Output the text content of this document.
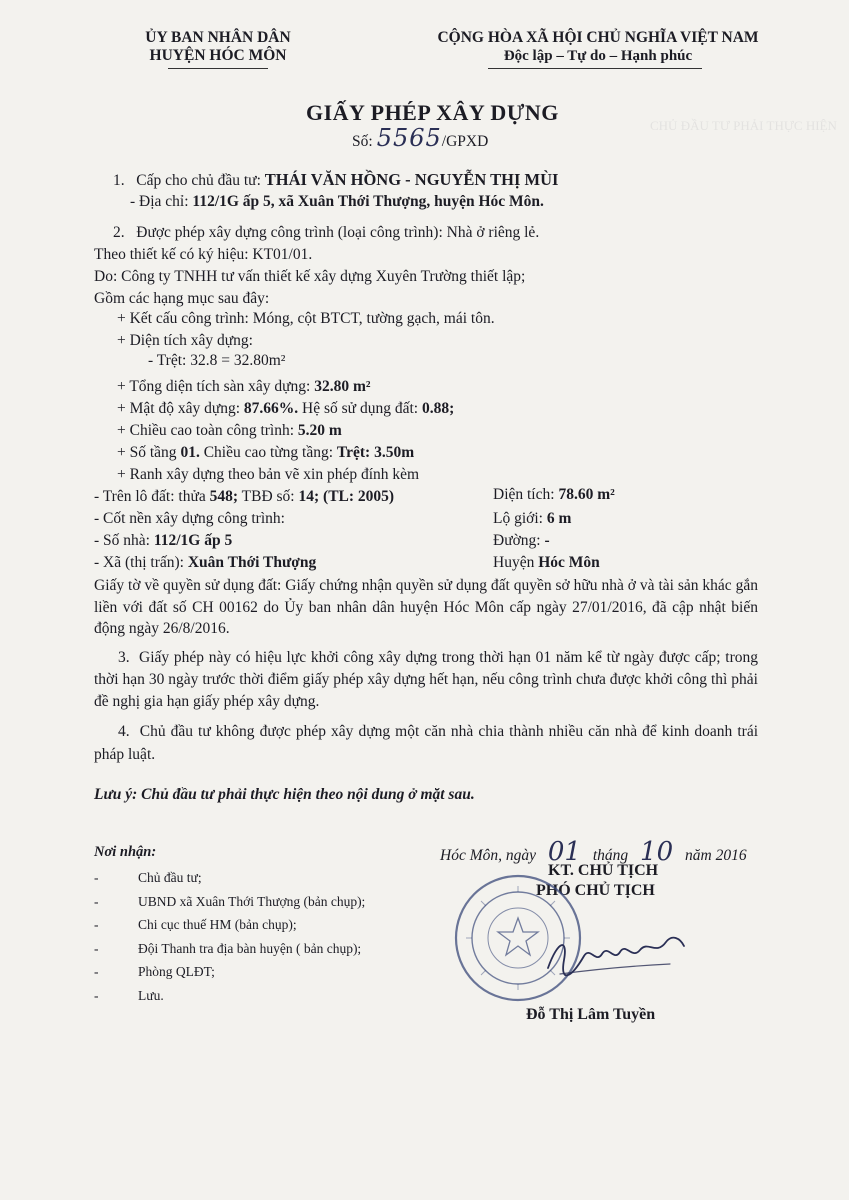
CHỦ ĐẦU TƯ PHẢI THỰC HIỆN
ỦY BAN NHÂN DÂN
HUYỆN HÓC MÔN
CỘNG HÒA XÃ HỘI CHỦ NGHĨA VIỆT NAM
Độc lập – Tự do – Hạnh phúc
GIẤY PHÉP XÂY DỰNG
Số: 5565/GPXD
1. Cấp cho chủ đầu tư: THÁI VĂN HỒNG - NGUYỄN THỊ MÙI
- Địa chỉ: 112/1G ấp 5, xã Xuân Thới Thượng, huyện Hóc Môn.
2. Được phép xây dựng công trình (loại công trình): Nhà ở riêng lẻ.
Theo thiết kế có ký hiệu: KT01/01.
Do: Công ty TNHH tư vấn thiết kế xây dựng Xuyên Trường thiết lập;
Gồm các hạng mục sau đây:
+ Kết cấu công trình: Móng, cột BTCT, tường gạch, mái tôn.
+ Diện tích xây dựng:
- Trệt: 32.8 = 32.80m²
+ Tổng diện tích sàn xây dựng: 32.80 m²
+ Mật độ xây dựng: 87.66%. Hệ số sử dụng đất: 0.88;
+ Chiều cao toàn công trình: 5.20 m
+ Số tầng 01. Chiều cao từng tầng: Trệt: 3.50m
+ Ranh xây dựng theo bản vẽ xin phép đính kèm
- Trên lô đất: thửa 548; TBĐ số: 14; (TL: 2005)	Diện tích: 78.60 m²
- Cốt nền xây dựng công trình:	Lộ giới: 6 m
- Số nhà: 112/1G ấp 5	Đường: -
- Xã (thị trấn): Xuân Thới Thượng	Huyện Hóc Môn
Giấy tờ về quyền sử dụng đất: Giấy chứng nhận quyền sử dụng đất quyền sở hữu nhà ở và tài sản khác gắn liền với đất số CH 00162 do Ủy ban nhân dân huyện Hóc Môn cấp ngày 27/01/2016, đã cập nhật biến động ngày 26/8/2016.
3. Giấy phép này có hiệu lực khởi công xây dựng trong thời hạn 01 năm kể từ ngày được cấp; trong thời hạn 30 ngày trước thời điểm giấy phép xây dựng hết hạn, nếu công trình chưa được khởi công thì phải đề nghị gia hạn giấy phép xây dựng.
4. Chủ đầu tư không được phép xây dựng một căn nhà chia thành nhiều căn nhà để kinh doanh trái pháp luật.
Lưu ý: Chủ đầu tư phải thực hiện theo nội dung ở mặt sau.
Hóc Môn, ngày 01 tháng 10 năm 2016
KT. CHỦ TỊCH
PHÓ CHỦ TỊCH
Nơi nhận:
-	Chủ đầu tư;
-	UBND xã Xuân Thới Thượng (bản chụp);
-	Chi cục thuế HM (bản chụp);
-	Đội Thanh tra địa bàn huyện ( bản chụp);
-	Phòng QLĐT;
-	Lưu.
Đỗ Thị Lâm Tuyền
